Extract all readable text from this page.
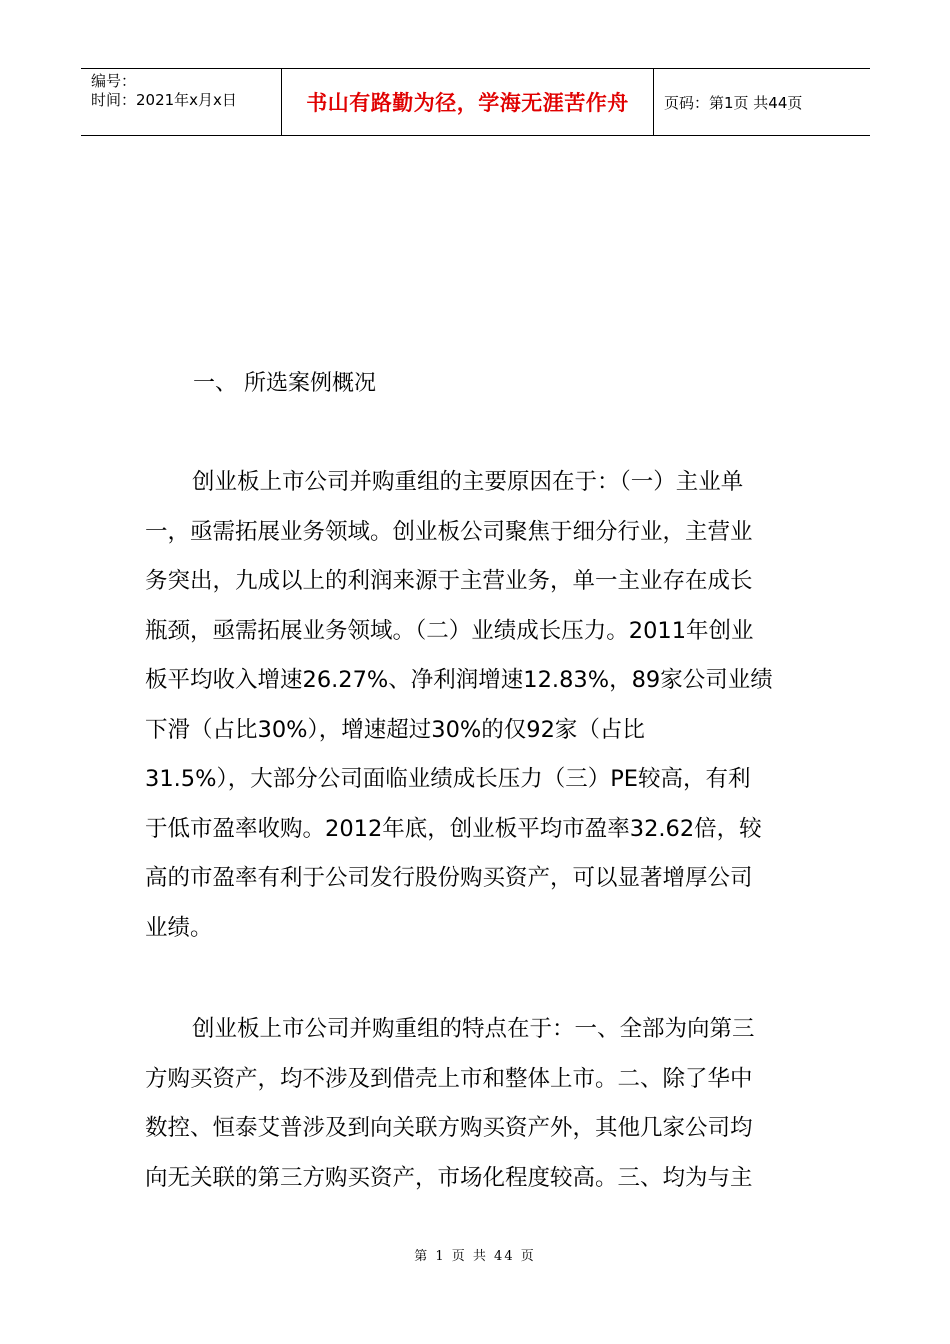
编号：
时间：2021年x月x日	书山有路勤为径，学海无涯苦作舟	页码：第1页 共44页
一、 所选案例概况

创业板上市公司并购重组的主要原因在于：（一）主业单
一，亟需拓展业务领域。创业板公司聚焦于细分行业，主营业
务突出，九成以上的利润来源于主营业务，单一主业存在成长
瓶颈，亟需拓展业务领域。（二）业绩成长压力。2011年创业
板平均收入增速26.27%、净利润增速12.83%，89家公司业绩
下滑（占比30%），增速超过30%的仅92家（占比
31.5%），大部分公司面临业绩成长压力（三）PE较高，有利
于低市盈率收购。2012年底，创业板平均市盈率32.62倍，较
高的市盈率有利于公司发行股份购买资产，可以显著增厚公司
业绩。

创业板上市公司并购重组的特点在于：一、全部为向第三
方购买资产，均不涉及到借壳上市和整体上市。二、除了华中
数控、恒泰艾普涉及到向关联方购买资产外，其他几家公司均
向无关联的第三方购买资产，市场化程度较高。三、均为与主

第 1 页 共 44 页
